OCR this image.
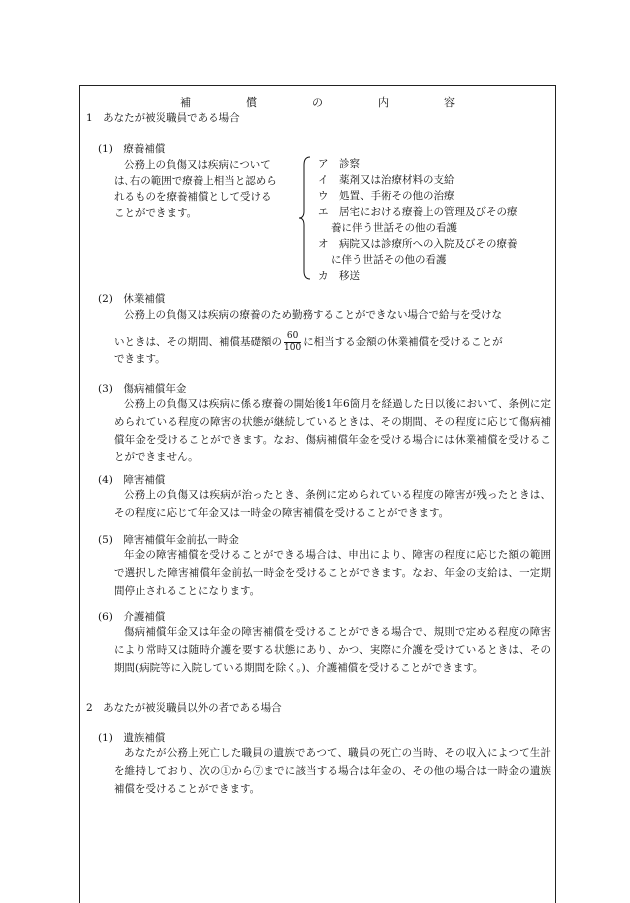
補　償　の　内　容
1　あなたが被災職員である場合
(1)　療養補償
公務上の負傷又は疾病について
は､右の範囲で療養上相当と認めら
れるものを療養補償として受ける
ことができます。
ア　診察
イ　薬剤又は治療材料の支給
ウ　処置、手術その他の治療
エ　居宅における療養上の管理及びその療
養に伴う世話その他の看護
オ　病院又は診療所への入院及びその療養
に伴う世話その他の看護
カ　移送
(2)　休業補償
公務上の負傷又は疾病の療養のため勤務することができない場合で給与を受けな
いときは、その期間、補償基礎額の $\frac{60}{100}$ に相当する金額の休業補償を受けることが
できます。
(3)　傷病補償年金
公務上の負傷又は疾病に係る療養の開始後1年6箇月を経過した日以後において、条例に定められている程度の障害の状態が継続しているときは、その期間、その程度に応じて傷病補償年金を受けることができます。なお、傷病補償年金を受ける場合には休業補償を受けることができません。
(4)　障害補償
公務上の負傷又は疾病が治ったとき、条例に定められている程度の障害が残ったときは、その程度に応じて年金又は一時金の障害補償を受けることができます。
(5)　障害補償年金前払一時金
年金の障害補償を受けることができる場合は、申出により、障害の程度に応じた額の範囲で選択した障害補償年金前払一時金を受けることができます。なお、年金の支給は、一定期間停止されることになります。
(6)　介護補償
傷病補償年金又は年金の障害補償を受けることができる場合で、規則で定める程度の障害により常時又は随時介護を要する状態にあり、かつ、実際に介護を受けているときは、その期間(病院等に入院している期間を除く。)、介護補償を受けることができます。
2　あなたが被災職員以外の者である場合
(1)　遺族補償
あなたが公務上死亡した職員の遺族であつて、職員の死亡の当時、その収入によつて生計を維持しており、次の①から⑦までに該当する場合は年金の、その他の場合は一時金の遺族補償を受けることができます。
